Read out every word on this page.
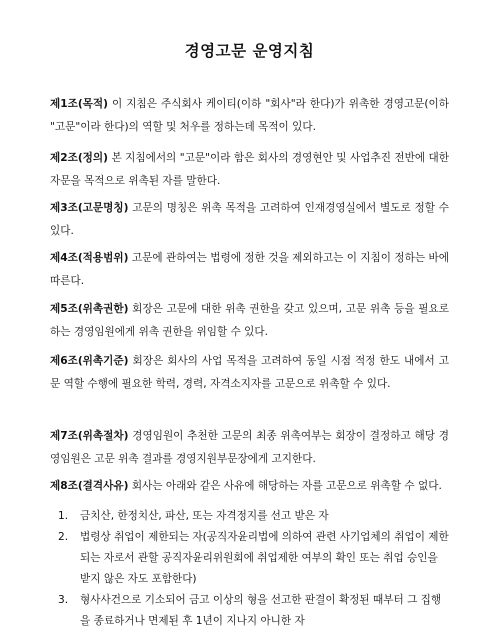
경영고문 운영지침
제1조(목적) 이 지침은 주식회사 케이티(이하 "회사"라 한다)가 위촉한 경영고문(이하 "고문"이라 한다)의 역할 및 처우를 정하는데 목적이 있다.
제2조(정의) 본 지침에서의 "고문"이라 함은 회사의 경영현안 및 사업추진 전반에 대한 자문을 목적으로 위촉된 자를 말한다.
제3조(고문명칭) 고문의 명칭은 위촉 목적을 고려하여 인재경영실에서 별도로 정할 수 있다.
제4조(적용범위) 고문에 관하여는 법령에 정한 것을 제외하고는 이 지침이 정하는 바에 따른다.
제5조(위촉권한) 회장은 고문에 대한 위촉 권한을 갖고 있으며, 고문 위촉 등을 필요로 하는 경영임원에게 위촉 권한을 위임할 수 있다.
제6조(위촉기준) 회장은 회사의 사업 목적을 고려하여 동일 시점 적정 한도 내에서 고문 역할 수행에 필요한 학력, 경력, 자격소지자를 고문으로 위촉할 수 있다.
제7조(위촉절차) 경영임원이 추천한 고문의 최종 위촉여부는 회장이 결정하고 해당 경영임원은 고문 위촉 결과를 경영지원부문장에게 고지한다.
제8조(결격사유) 회사는 아래와 같은 사유에 해당하는 자를 고문으로 위촉할 수 없다.
1. 금치산, 한정치산, 파산, 또는 자격정지를 선고 받은 자
2. 법령상 취업이 제한되는 자(공직자윤리법에 의하여 관련 사기업체의 취업이 제한되는 자로서 관할 공직자윤리위원회에 취업제한 여부의 확인 또는 취업 승인을 받지 않은 자도 포함한다)
3. 형사사건으로 기소되어 금고 이상의 형을 선고한 판결이 확정된 때부터 그 집행을 종료하거나 면제된 후 1년이 지나지 아니한 자
